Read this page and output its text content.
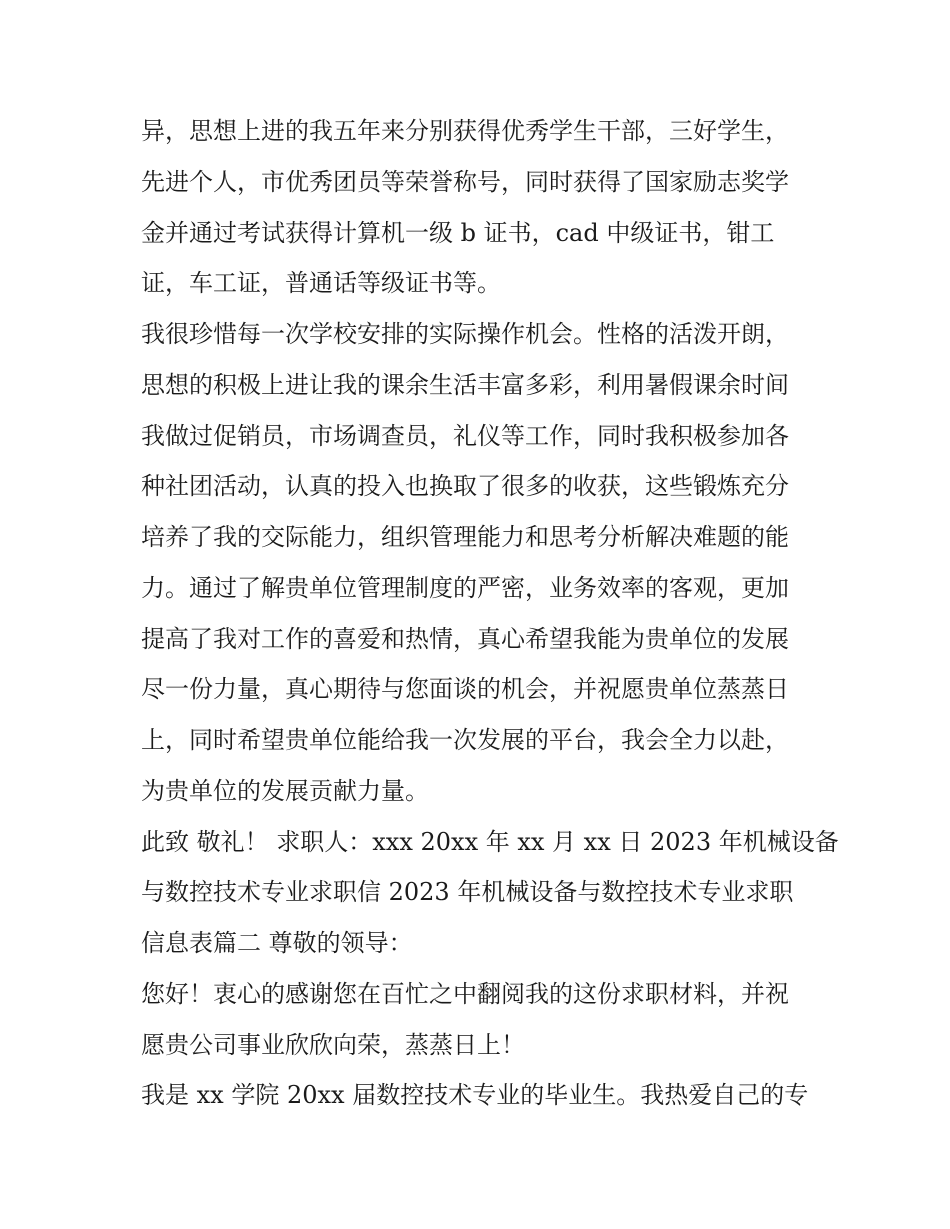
异，思想上进的我五年来分别获得优秀学生干部，三好学生，
先进个人，市优秀团员等荣誉称号，同时获得了国家励志奖学
金并通过考试获得计算机一级 b 证书，cad 中级证书，钳工
证，车工证，普通话等级证书等。
我很珍惜每一次学校安排的实际操作机会。性格的活泼开朗，
思想的积极上进让我的课余生活丰富多彩，利用暑假课余时间
我做过促销员，市场调查员，礼仪等工作，同时我积极参加各
种社团活动，认真的投入也换取了很多的收获，这些锻炼充分
培养了我的交际能力，组织管理能力和思考分析解决难题的能
力。通过了解贵单位管理制度的严密，业务效率的客观，更加
提高了我对工作的喜爱和热情，真心希望我能为贵单位的发展
尽一份力量，真心期待与您面谈的机会，并祝愿贵单位蒸蒸日
上，同时希望贵单位能给我一次发展的平台，我会全力以赴，
为贵单位的发展贡献力量。
此致 敬礼！ 求职人：xxx 20xx 年 xx 月 xx 日 2023 年机械设备
与数控技术专业求职信 2023 年机械设备与数控技术专业求职
信息表篇二 尊敬的领导：
您好！衷心的感谢您在百忙之中翻阅我的这份求职材料，并祝
愿贵公司事业欣欣向荣，蒸蒸日上！
我是 xx 学院 20xx 届数控技术专业的毕业生。我热爱自己的专
